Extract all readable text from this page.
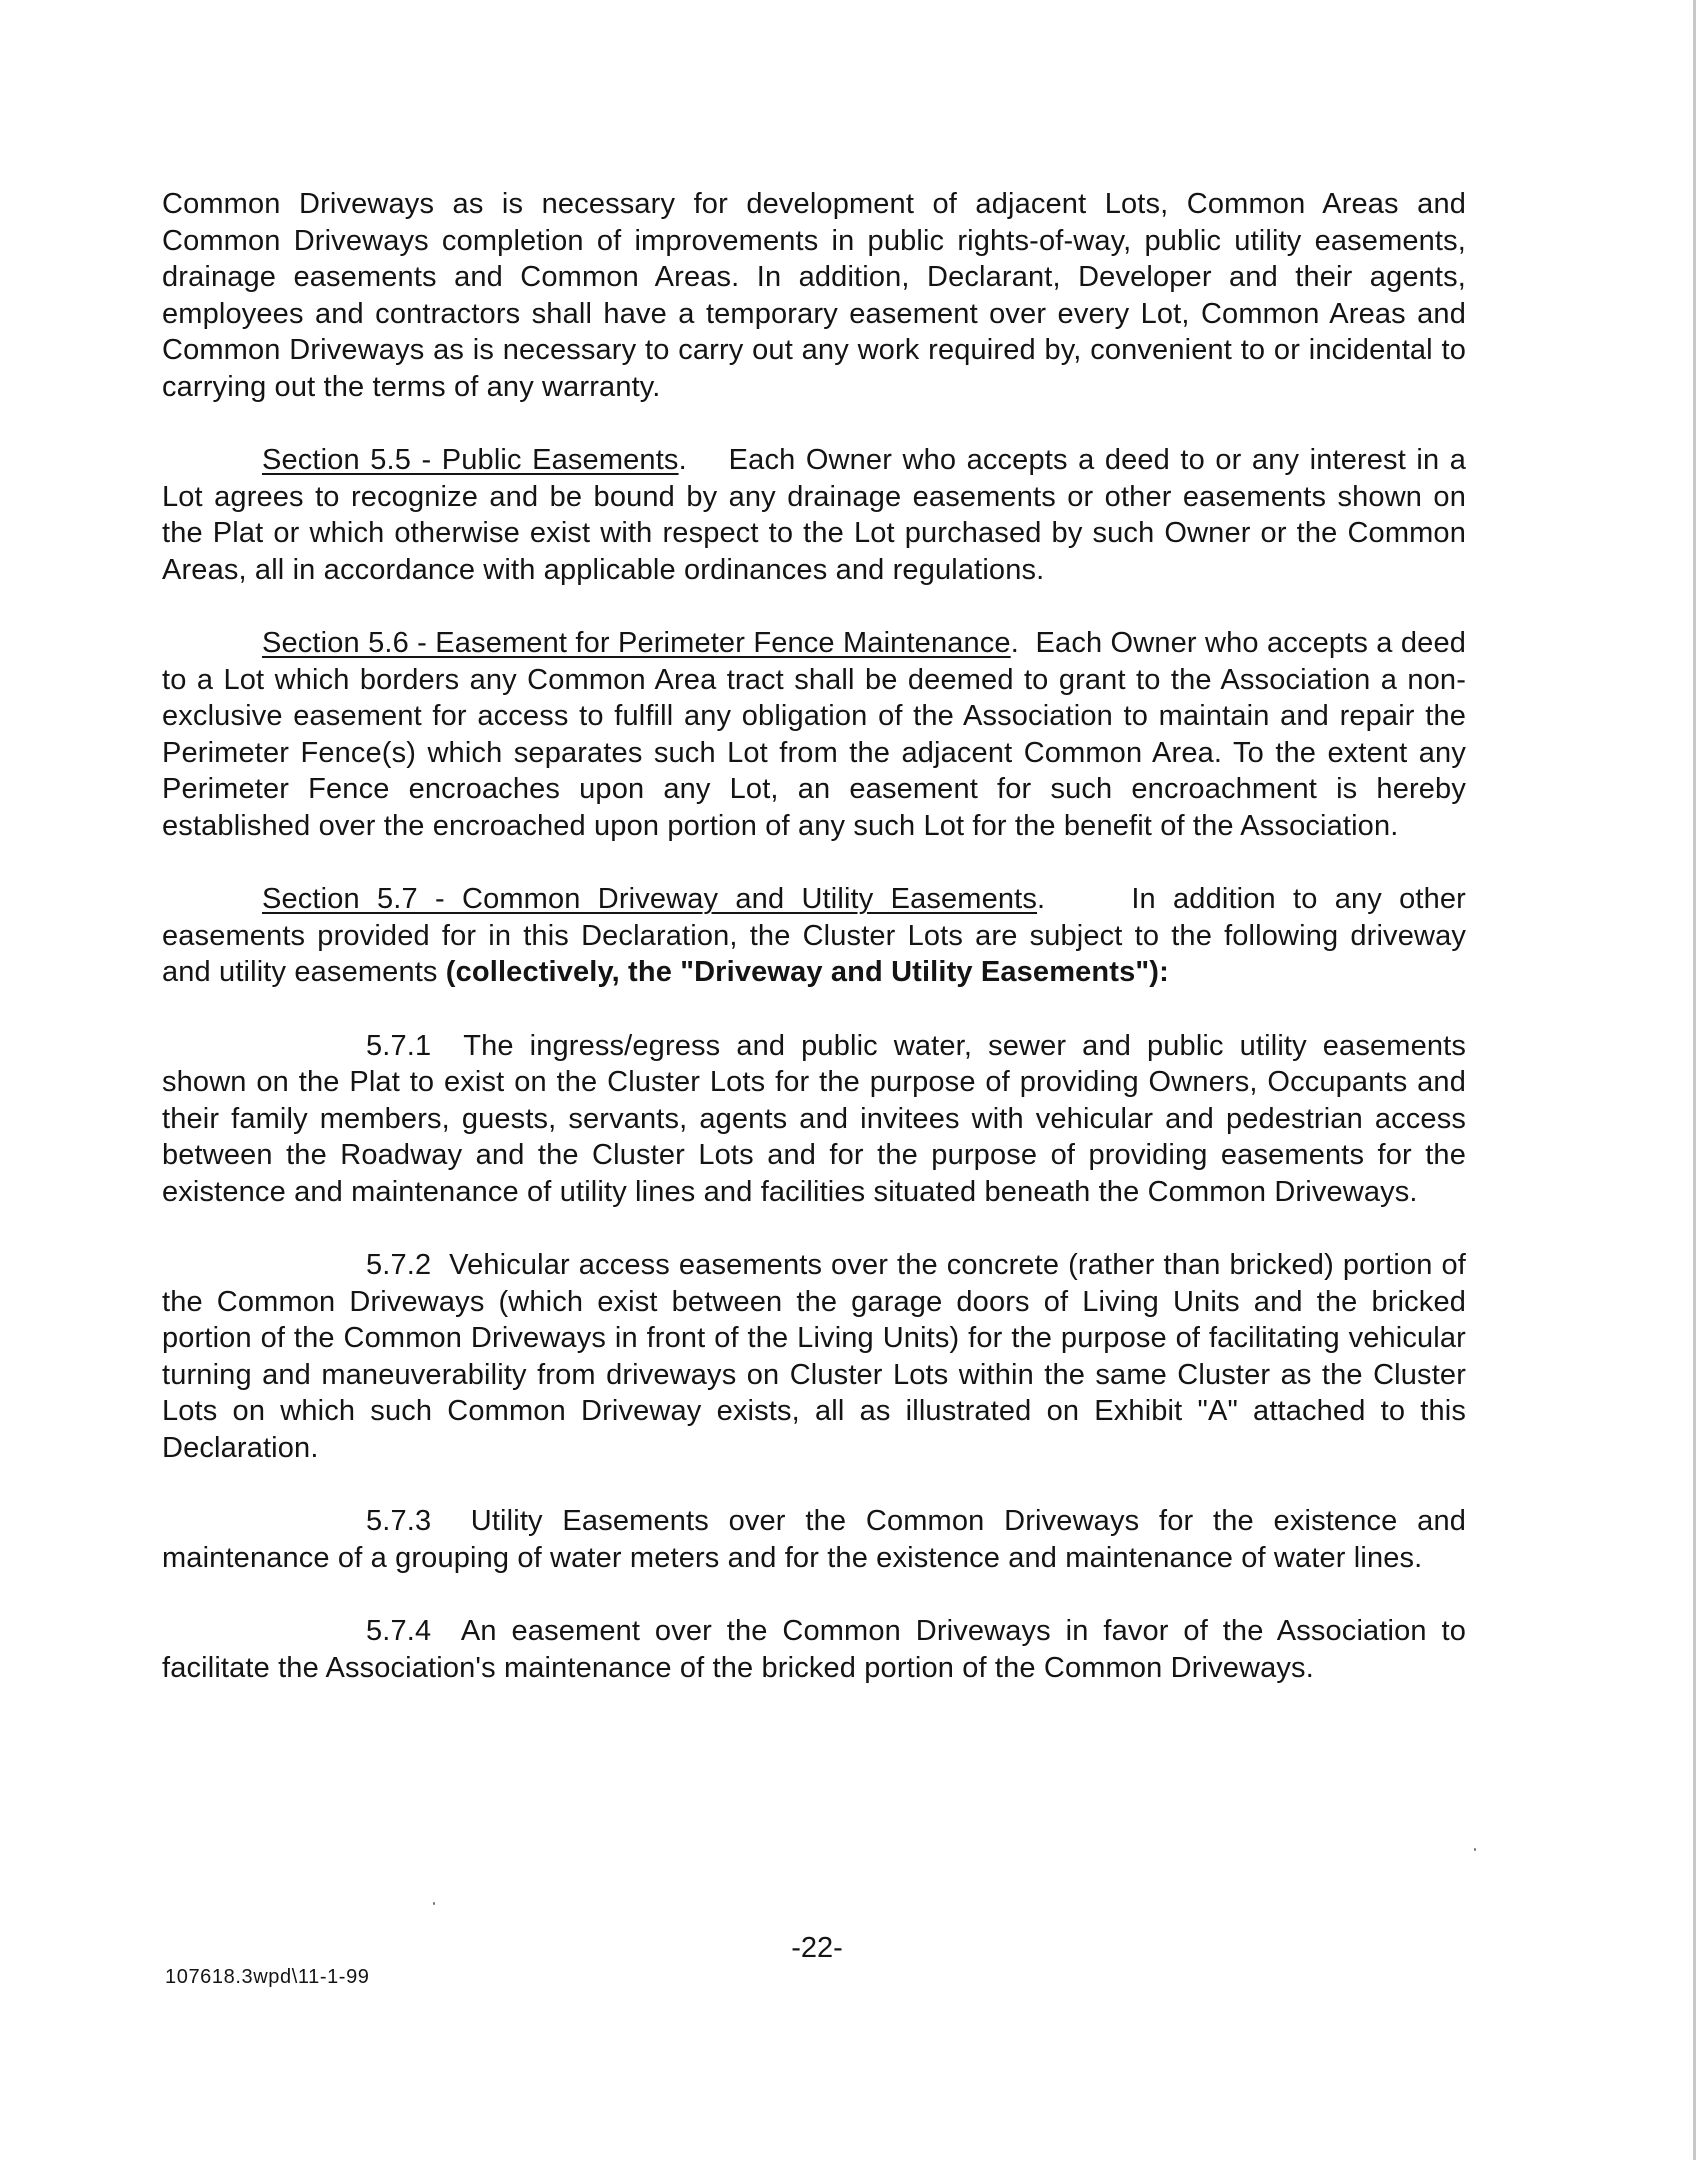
Common Driveways as is necessary for development of adjacent Lots, Common Areas and Common Driveways completion of improvements in public rights-of-way, public utility easements, drainage easements and Common Areas. In addition, Declarant, Developer and their agents, employees and contractors shall have a temporary easement over every Lot, Common Areas and Common Driveways as is necessary to carry out any work required by, convenient to or incidental to carrying out the terms of any warranty.

Section 5.5 - Public Easements.    Each Owner who accepts a deed to or any interest in a Lot agrees to recognize and be bound by any drainage easements or other easements shown on the Plat or which otherwise exist with respect to the Lot purchased by such Owner or the Common Areas, all in accordance with applicable ordinances and regulations.

Section 5.6 - Easement for Perimeter Fence Maintenance.  Each Owner who accepts a deed to a Lot which borders any Common Area tract shall be deemed to grant to the Association a non-exclusive easement for access to fulfill any obligation of the Association to maintain and repair the Perimeter Fence(s) which separates such Lot from the adjacent Common Area. To the extent any Perimeter Fence encroaches upon any Lot, an easement for such encroachment is hereby established over the encroached upon portion of any such Lot for the benefit of the Association.

Section 5.7 - Common Driveway and Utility Easements.     In addition to any other easements provided for in this Declaration, the Cluster Lots are subject to the following driveway and utility easements (collectively, the "Driveway and Utility Easements"):

5.7.1 The ingress/egress and public water, sewer and public utility easements shown on the Plat to exist on the Cluster Lots for the purpose of providing Owners, Occupants and their family members, guests, servants, agents and invitees with vehicular and pedestrian access between the Roadway and the Cluster Lots and for the purpose of providing easements for the existence and maintenance of utility lines and facilities situated beneath the Common Driveways.

5.7.2 Vehicular access easements over the concrete (rather than bricked) portion of the Common Driveways (which exist between the garage doors of Living Units and the bricked portion of the Common Driveways in front of the Living Units) for the purpose of facilitating vehicular turning and maneuverability from driveways on Cluster Lots within the same Cluster as the Cluster Lots on which such Common Driveway exists, all as illustrated on Exhibit "A" attached to this Declaration.

5.7.3 Utility Easements over the Common Driveways for the existence and maintenance of a grouping of water meters and for the existence and maintenance of water lines.

5.7.4 An easement over the Common Driveways in favor of the Association to facilitate the Association's maintenance of the bricked portion of the Common Driveways.

-22-
107618.3wpd\11-1-99
